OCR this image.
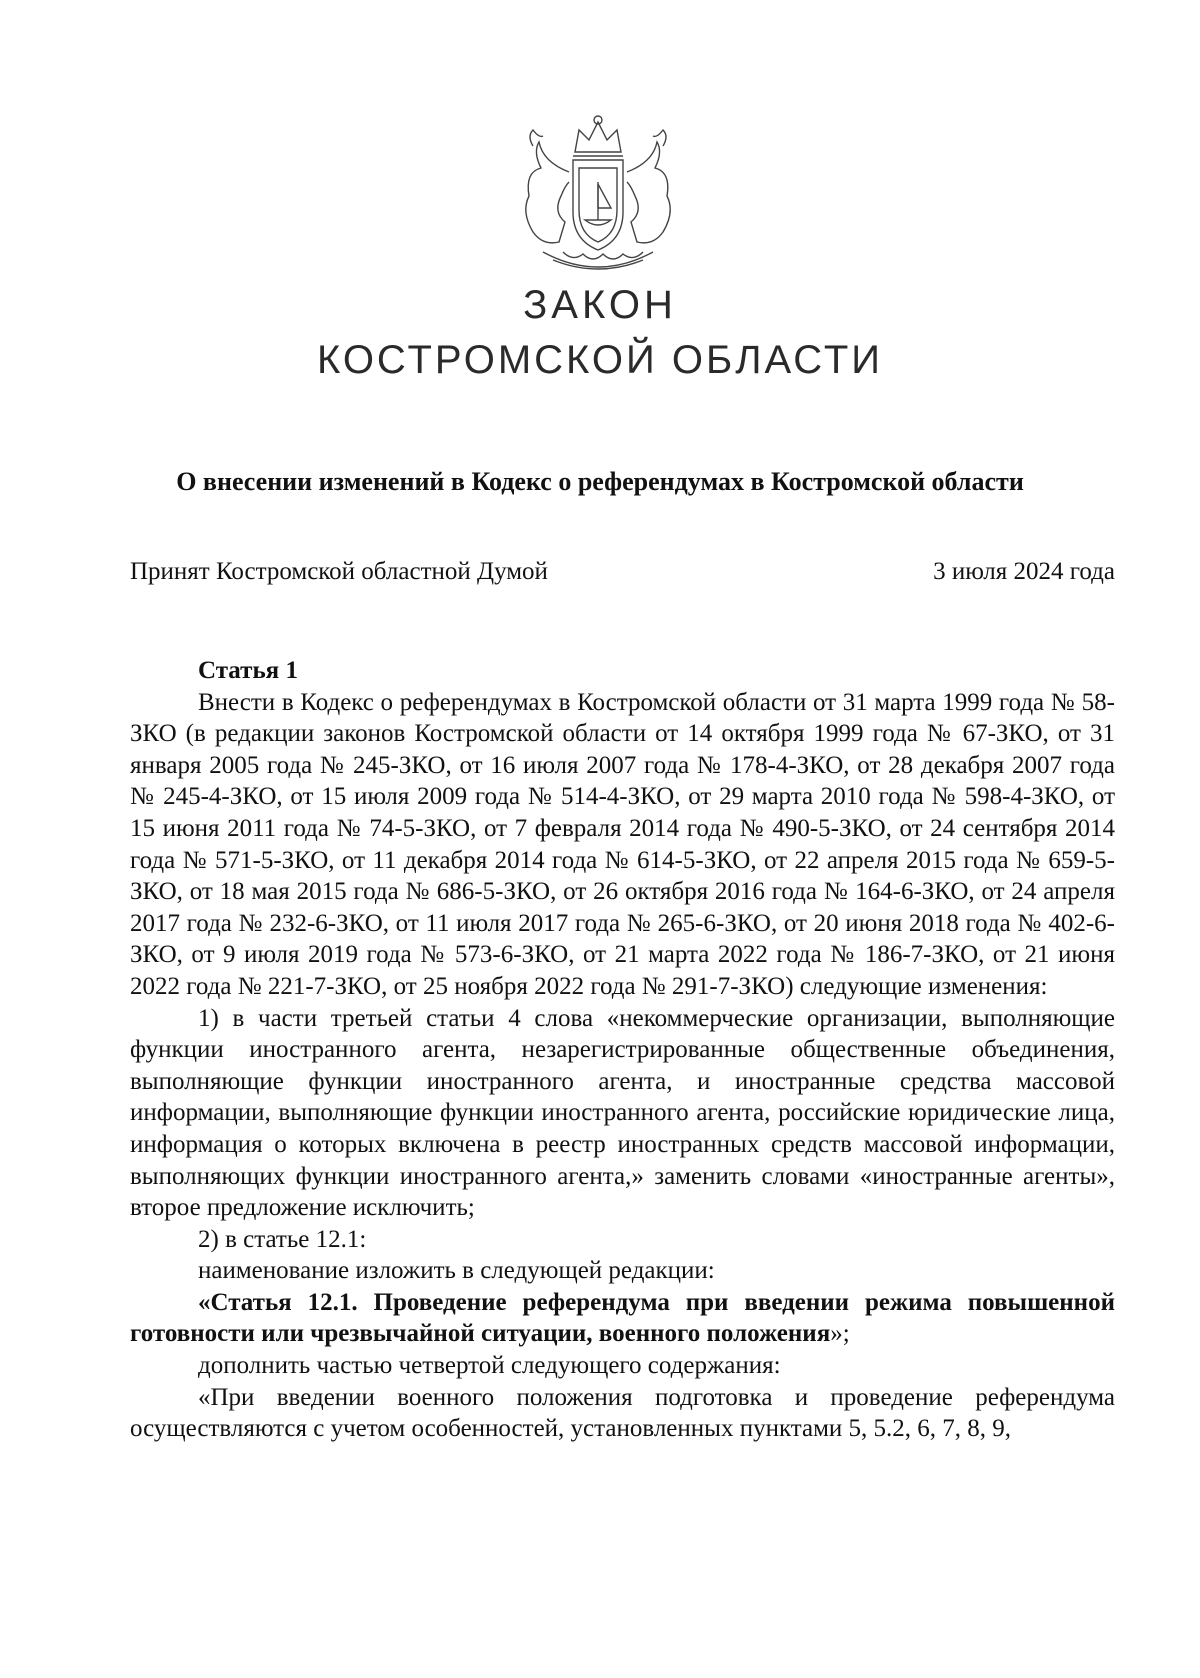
ЗАКОН
КОСТРОМСКОЙ ОБЛАСТИ
О внесении изменений в Кодекс о референдумах в Костромской области
Принят Костромской областной Думой	3 июля 2024 года

Статья 1

Внести в Кодекс о референдумах в Костромской области от 31 марта 1999 года № 58-ЗКО (в редакции законов Костромской области от 14 октября 1999 года № 67-ЗКО, от 31 января 2005 года № 245-ЗКО, от 16 июля 2007 года № 178-4-ЗКО, от 28 декабря 2007 года № 245-4-ЗКО, от 15 июля 2009 года № 514-4-ЗКО, от 29 марта 2010 года № 598-4-ЗКО, от 15 июня 2011 года № 74-5-ЗКО, от 7 февраля 2014 года № 490-5-ЗКО, от 24 сентября 2014 года № 571-5-ЗКО, от 11 декабря 2014 года № 614-5-ЗКО, от 22 апреля 2015 года № 659-5-ЗКО, от 18 мая 2015 года № 686-5-ЗКО, от 26 октября 2016 года № 164-6-ЗКО, от 24 апреля 2017 года № 232-6-ЗКО, от 11 июля 2017 года № 265-6-ЗКО, от 20 июня 2018 года № 402-6-ЗКО, от 9 июля 2019 года № 573-6-ЗКО, от 21 марта 2022 года № 186-7-ЗКО, от 21 июня 2022 года № 221-7-ЗКО, от 25 ноября 2022 года № 291-7-ЗКО) следующие изменения:

1) в части третьей статьи 4 слова «некоммерческие организации, выполняющие функции иностранного агента, незарегистрированные общественные объединения, выполняющие функции иностранного агента, и иностранные средства массовой информации, выполняющие функции иностранного агента, российские юридические лица, информация о которых включена в реестр иностранных средств массовой информации, выполняющих функции иностранного агента,» заменить словами «иностранные агенты», второе предложение исключить;

2) в статье 12.1:

наименование изложить в следующей редакции:

«Статья 12.1. Проведение референдума при введении режима повышенной готовности или чрезвычайной ситуации, военного положения»;

дополнить частью четвертой следующего содержания:

«При введении военного положения подготовка и проведение референдума осуществляются с учетом особенностей, установленных пунктами 5, 5.2, 6, 7, 8, 9,
